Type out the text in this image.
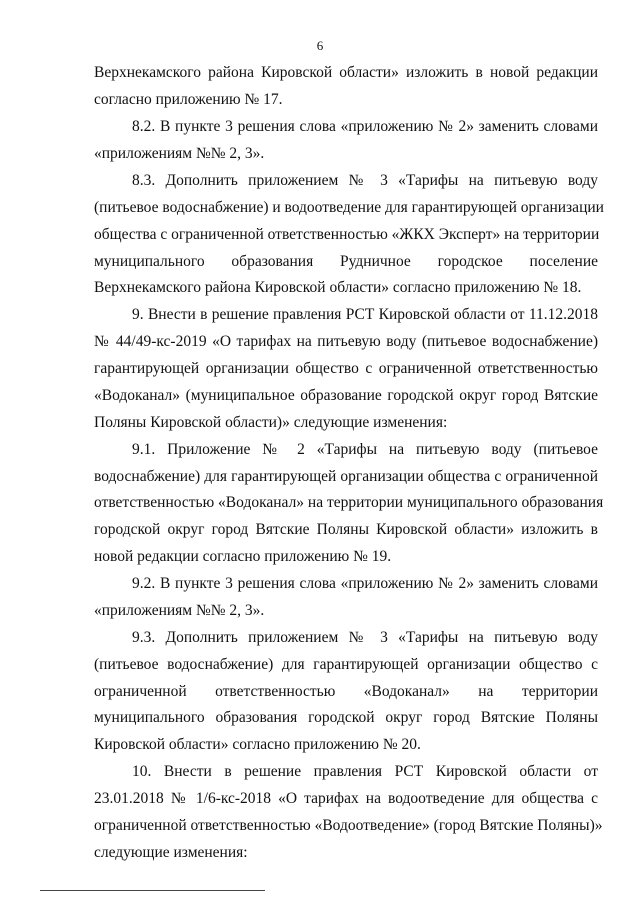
6
Верхнекамского района Кировской области» изложить в новой редакции
согласно приложению № 17.
8.2. В пункте 3 решения слова «приложению № 2» заменить словами
«приложениям №№ 2, 3».
8.3. Дополнить приложением № 3 «Тарифы на питьевую воду
(питьевое водоснабжение) и водоотведение для гарантирующей организации
общества с ограниченной ответственностью «ЖКХ Эксперт» на территории
муниципального образования Рудничное городское поселение
Верхнекамского района Кировской области» согласно приложению № 18.
9. Внести в решение правления РСТ Кировской области от 11.12.2018
№ 44/49-кс-2019 «О тарифах на питьевую воду (питьевое водоснабжение)
гарантирующей организации общество с ограниченной ответственностью
«Водоканал» (муниципальное образование городской округ город Вятские
Поляны Кировской области)» следующие изменения:
9.1. Приложение № 2 «Тарифы на питьевую воду (питьевое
водоснабжение) для гарантирующей организации общества с ограниченной
ответственностью «Водоканал» на территории муниципального образования
городской округ город Вятские Поляны Кировской области» изложить в
новой редакции согласно приложению № 19.
9.2. В пункте 3 решения слова «приложению № 2» заменить словами
«приложениям №№ 2, 3».
9.3. Дополнить приложением № 3 «Тарифы на питьевую воду
(питьевое водоснабжение) для гарантирующей организации общество с
ограниченной ответственностью «Водоканал» на территории
муниципального образования городской округ город Вятские Поляны
Кировской области» согласно приложению № 20.
10. Внести в решение правления РСТ Кировской области от
23.01.2018 № 1/6-кс-2018 «О тарифах на водоотведение для общества с
ограниченной ответственностью «Водоотведение» (город Вятские Поляны)»
следующие изменения:
